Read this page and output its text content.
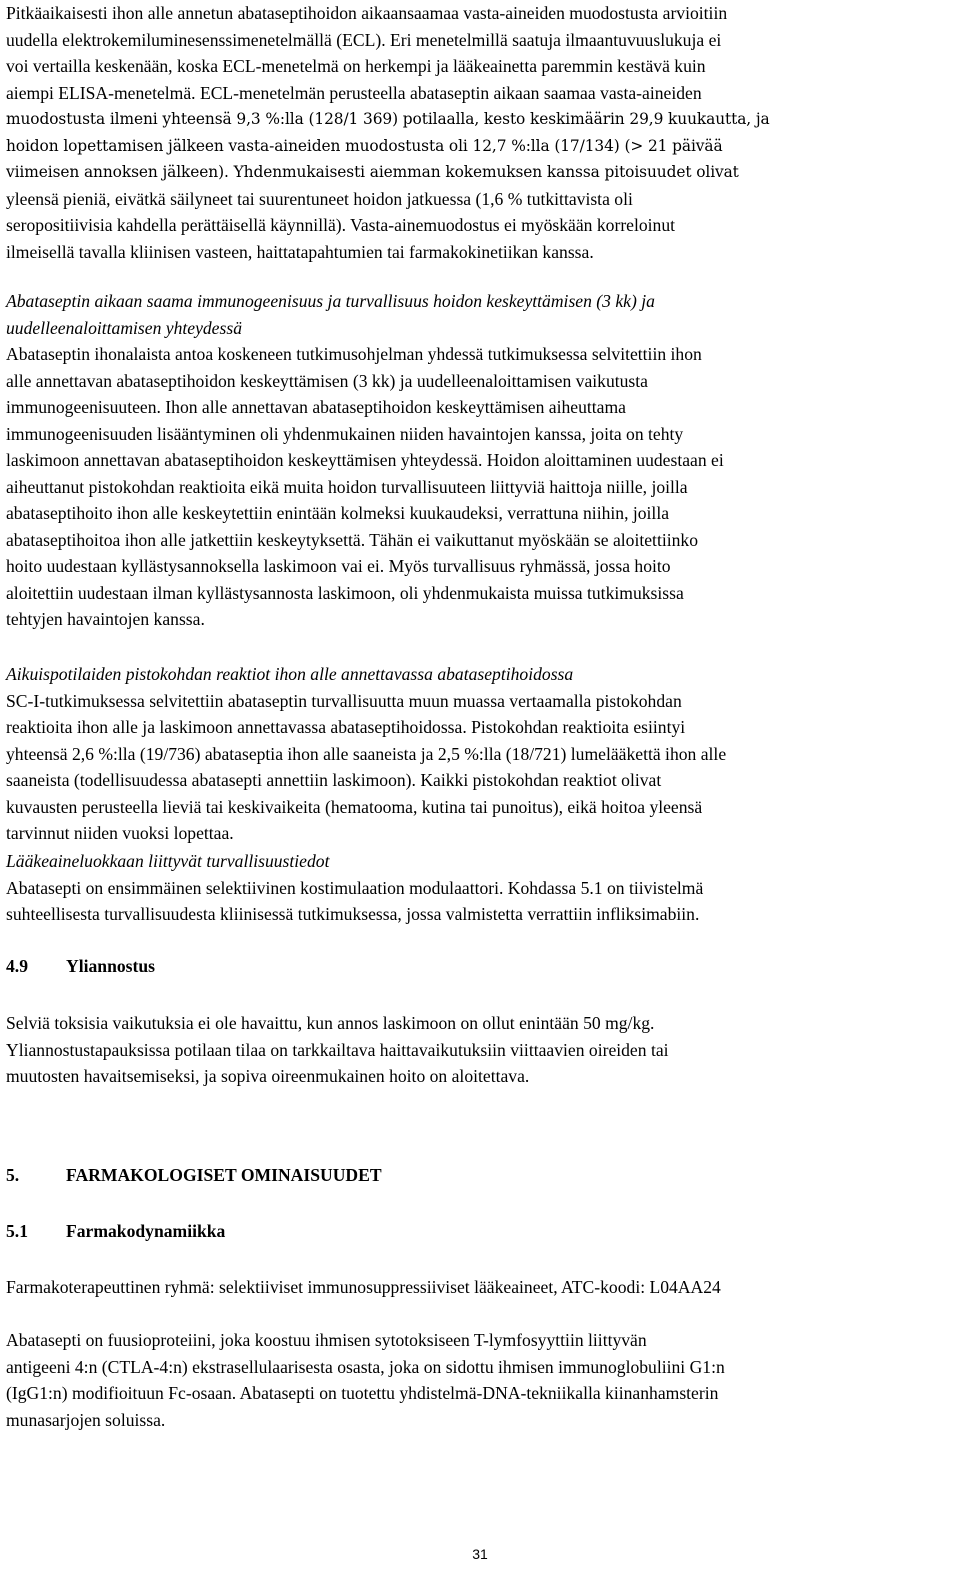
Pitkäaikaisesti ihon alle annetun abataseptihoidon aikaansaamaa vasta-aineiden muodostusta arvioitiin

uudella elektrokemiluminesenssimenetelmällä (ECL). Eri menetelmillä saatuja ilmaantuvuuslukuja ei

voi vertailla keskenään, koska ECL-menetelmä on herkempi ja lääkeainetta paremmin kestävä kuin

aiempi ELISA-menetelmä. ECL-menetelmän perusteella abataseptin aikaan saamaa vasta-aineiden

muodostusta ilmeni yhteensä 9,3 %:lla (128/1 369) potilaalla, kesto keskimäärin 29,9 kuukautta, ja

hoidon lopettamisen jälkeen vasta-aineiden muodostusta oli 12,7 %:lla (17/134) (> 21 päivää

viimeisen annoksen jälkeen). Yhdenmukaisesti aiemman kokemuksen kanssa pitoisuudet olivat

yleensä pieniä, eivätkä säilyneet tai suurentuneet hoidon jatkuessa (1,6 % tutkittavista oli

seropositiivisia kahdella perättäisellä käynnillä). Vasta-ainemuodostus ei myöskään korreloinut

ilmeisellä tavalla kliinisen vasteen, haittatapahtumien tai farmakokinetiikan kanssa.

Abataseptin aikaan saama immunogeenisuus ja turvallisuus hoidon keskeyttämisen (3 kk) ja

uudelleenaloittamisen yhteydessä

Abataseptin ihonalaista antoa koskeneen tutkimusohjelman yhdessä tutkimuksessa selvitettiin ihon

alle annettavan abataseptihoidon keskeyttämisen (3 kk) ja uudelleenaloittamisen vaikutusta

immunogeenisuuteen. Ihon alle annettavan abataseptihoidon keskeyttämisen aiheuttama

immunogeenisuuden lisääntyminen oli yhdenmukainen niiden havaintojen kanssa, joita on tehty

laskimoon annettavan abataseptihoidon keskeyttämisen yhteydessä. Hoidon aloittaminen uudestaan ei

aiheuttanut pistokohdan reaktioita eikä muita hoidon turvallisuuteen liittyviä haittoja niille, joilla

abataseptihoito ihon alle keskeytettiin enintään kolmeksi kuukaudeksi, verrattuna niihin, joilla

abataseptihoitoa ihon alle jatkettiin keskeytyksettä. Tähän ei vaikuttanut myöskään se aloitettiinko

hoito uudestaan kyllästysannoksella laskimoon vai ei. Myös turvallisuus ryhmässä, jossa hoito

aloitettiin uudestaan ilman kyllästysannosta laskimoon, oli yhdenmukaista muissa tutkimuksissa

tehtyjen havaintojen kanssa.

Aikuispotilaiden pistokohdan reaktiot ihon alle annettavassa abataseptihoidossa

SC-I-tutkimuksessa selvitettiin abataseptin turvallisuutta muun muassa vertaamalla pistokohdan

reaktioita ihon alle ja laskimoon annettavassa abataseptihoidossa. Pistokohdan reaktioita esiintyi

yhteensä 2,6 %:lla (19/736) abataseptia ihon alle saaneista ja 2,5 %:lla (18/721) lumelääkettä ihon alle

saaneista (todellisuudessa abatasepti annettiin laskimoon). Kaikki pistokohdan reaktiot olivat

kuvausten perusteella lieviä tai keskivaikeita (hematooma, kutina tai punoitus), eikä hoitoa yleensä

tarvinnut niiden vuoksi lopettaa.

Lääkeaineluokkaan liittyvät turvallisuustiedot

Abatasepti on ensimmäinen selektiivinen kostimulaation modulaattori. Kohdassa 5.1 on tiivistelmä

suhteellisesta turvallisuudesta kliinisessä tutkimuksessa, jossa valmistetta verrattiin infliksimabiin.

4.9 Yliannostus

Selviä toksisia vaikutuksia ei ole havaittu, kun annos laskimoon on ollut enintään 50 mg/kg.

Yliannostustapauksissa potilaan tilaa on tarkkailtava haittavaikutuksiin viittaavien oireiden tai

muutosten havaitsemiseksi, ja sopiva oireenmukainen hoito on aloitettava.

5.	FARMAKOLOGISET OMINAISUUDET

5.1 Farmakodynamiikka

Farmakoterapeuttinen ryhmä: selektiiviset immunosuppressiiviset lääkeaineet, ATC-koodi: L04AA24

Abatasepti on fuusioproteiini, joka koostuu ihmisen sytotoksiseen T-lymfosyyttiin liittyvän

antigeeni 4:n (CTLA-4:n) ekstrasellulaarisesta osasta, joka on sidottu ihmisen immunoglobuliini G1:n

(IgG1:n) modifioituun Fc-osaan. Abatasepti on tuotettu yhdistelmä-DNA-tekniikalla kiinanhamsterin

munasarjojen soluissa.

31
